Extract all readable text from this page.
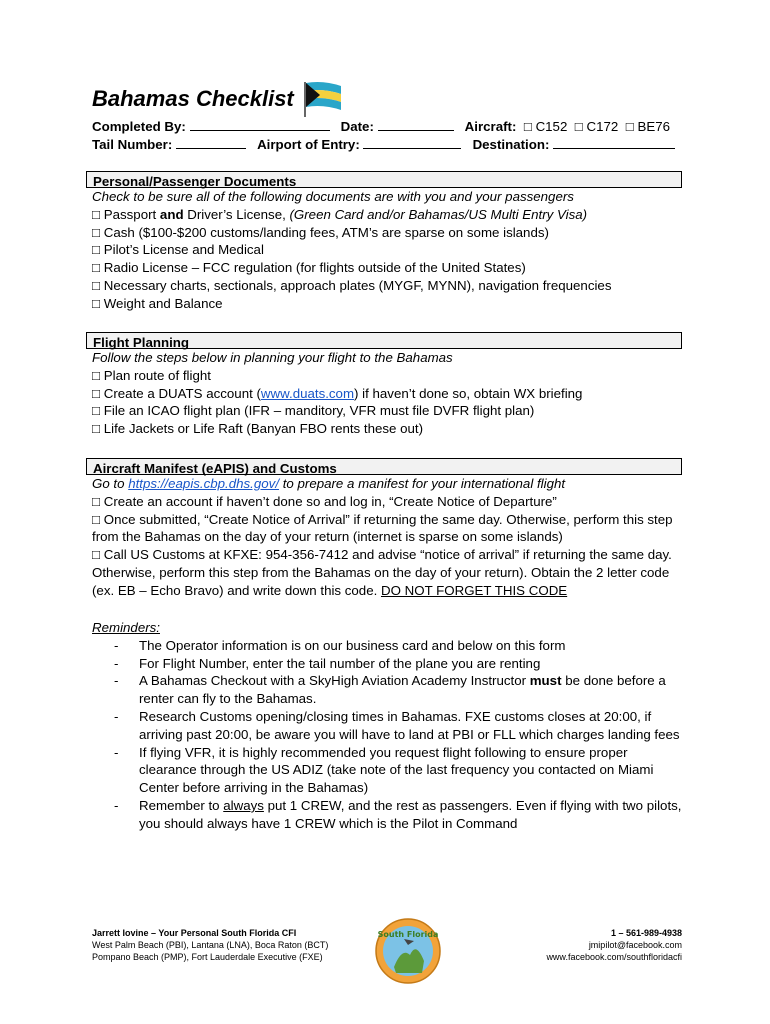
Bahamas Checklist
Completed By:	Date:	Aircraft: □ C152 □ C172 □ BE76
Tail Number:	Airport of Entry:	Destination:
Personal/Passenger Documents
Check to be sure all of the following documents are with you and your passengers
□ Passport and Driver’s License, (Green Card and/or Bahamas/US Multi Entry Visa)
□ Cash ($100-$200 customs/landing fees, ATM’s are sparse on some islands)
□ Pilot’s License and Medical
□ Radio License – FCC regulation (for flights outside of the United States)
□ Necessary charts, sectionals, approach plates (MYGF, MYNN), navigation frequencies
□ Weight and Balance
Flight Planning
Follow the steps below in planning your flight to the Bahamas
□ Plan route of flight
□ Create a DUATS account (www.duats.com) if haven’t done so, obtain WX briefing
□ File an ICAO flight plan (IFR – manditory, VFR must file DVFR flight plan)
□ Life Jackets or Life Raft (Banyan FBO rents these out)
Aircraft Manifest (eAPIS) and Customs
Go to https://eapis.cbp.dhs.gov/ to prepare a manifest for your international flight
□ Create an account if haven’t done so and log in, “Create Notice of Departure”
□ Once submitted, “Create Notice of Arrival” if returning the same day. Otherwise, perform this step from the Bahamas on the day of your return (internet is sparse on some islands)
□ Call US Customs at KFXE: 954-356-7412 and advise “notice of arrival” if returning the same day. Otherwise, perform this step from the Bahamas on the day of your return). Obtain the 2 letter code (ex. EB – Echo Bravo) and write down this code. DO NOT FORGET THIS CODE
Reminders:
- The Operator information is on our business card and below on this form
- For Flight Number, enter the tail number of the plane you are renting
- A Bahamas Checkout with a SkyHigh Aviation Academy Instructor must be done before a renter can fly to the Bahamas.
- Research Customs opening/closing times in Bahamas. FXE customs closes at 20:00, if arriving past 20:00, be aware you will have to land at PBI or FLL which charges landing fees
- If flying VFR, it is highly recommended you request flight following to ensure proper clearance through the US ADIZ (take note of the last frequency you contacted on Miami Center before arriving in the Bahamas)
- Remember to always put 1 CREW, and the rest as passengers. Even if flying with two pilots, you should always have 1 CREW which is the Pilot in Command
Jarrett Iovine – Your Personal South Florida CFI
West Palm Beach (PBI), Lantana (LNA), Boca Raton (BCT)
Pompano Beach (PMP), Fort Lauderdale Executive (FXE)
South Florida	1 – 561-989-4938
jmipilot@facebook.com
www.facebook.com/southfloridacfi
